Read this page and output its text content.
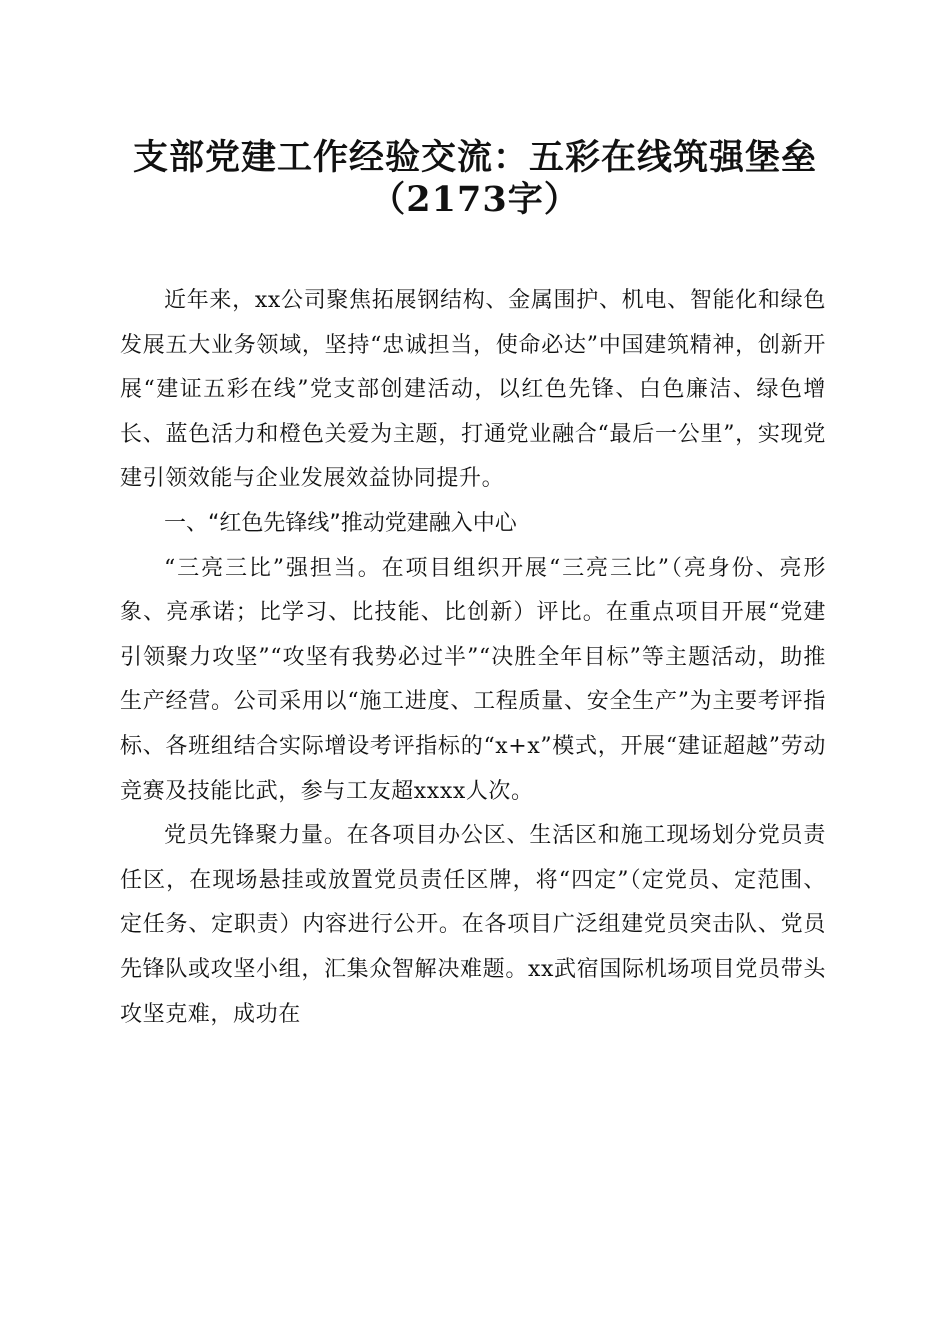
支部党建工作经验交流：五彩在线筑强堡垒
（2173字）

近年来，xx公司聚焦拓展钢结构、金属围护、机电、智能化和绿色发展五大业务领域，坚持“忠诚担当，使命必达”中国建筑精神，创新开展“建证五彩在线”党支部创建活动，以红色先锋、白色廉洁、绿色增长、蓝色活力和橙色关爱为主题，打通党业融合“最后一公里”，实现党建引领效能与企业发展效益协同提升。

一、“红色先锋线”推动党建融入中心

“三亮三比”强担当。在项目组织开展“三亮三比”（亮身份、亮形象、亮承诺；比学习、比技能、比创新）评比。在重点项目开展“党建引领聚力攻坚”“攻坚有我势必过半”“决胜全年目标”等主题活动，助推生产经营。公司采用以“施工进度、工程质量、安全生产”为主要考评指标、各班组结合实际增设考评指标的“x+x”模式，开展“建证超越”劳动竞赛及技能比武，参与工友超xxxx人次。

党员先锋聚力量。在各项目办公区、生活区和施工现场划分党员责任区，在现场悬挂或放置党员责任区牌，将“四定”（定党员、定范围、定任务、定职责）内容进行公开。在各项目广泛组建党员突击队、党员先锋队或攻坚小组，汇集众智解决难题。xx武宿国际机场项目党员带头攻坚克难，成功在
